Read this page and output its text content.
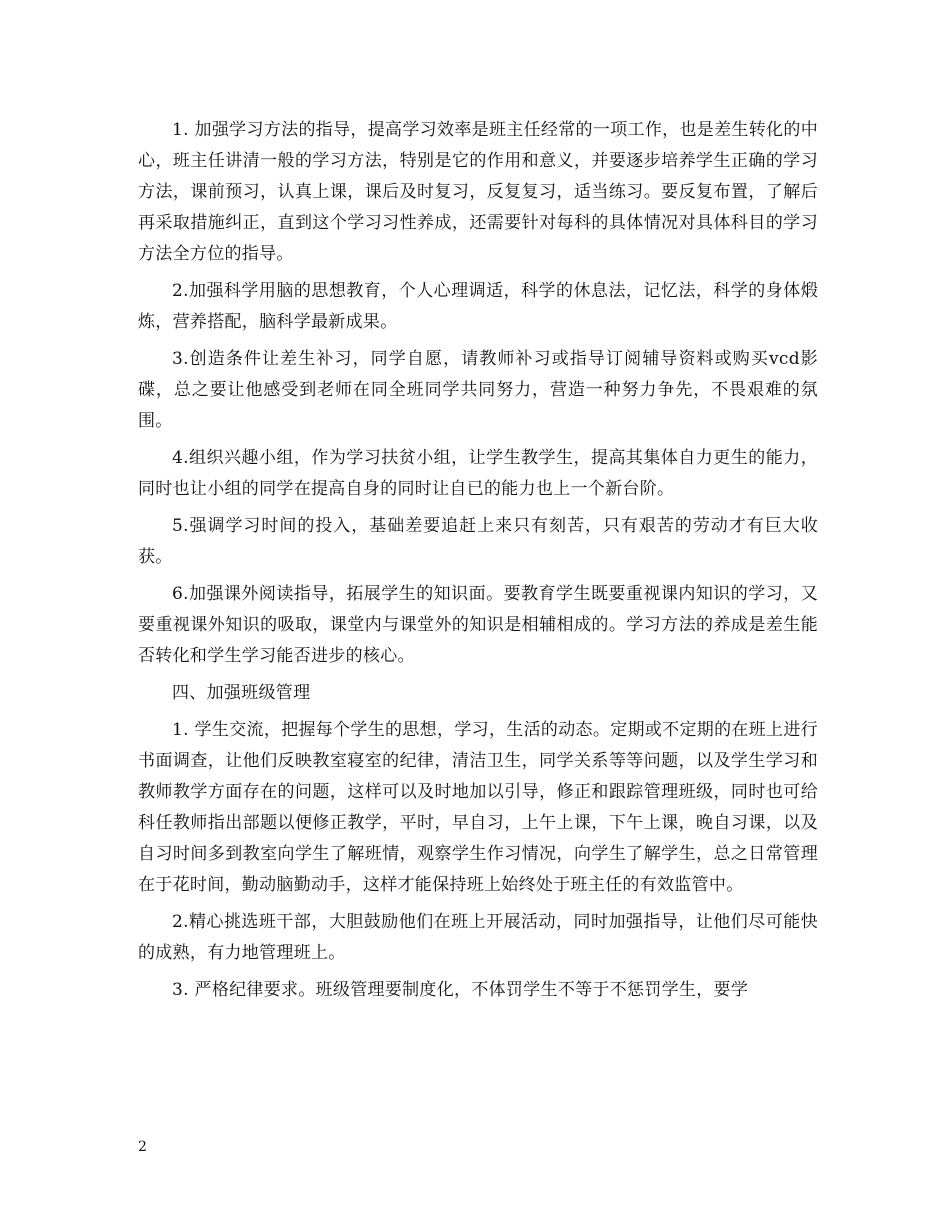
1. 加强学习方法的指导，提高学习效率是班主任经常的一项工作，也是差生转化的中心，班主任讲清一般的学习方法，特别是它的作用和意义，并要逐步培养学生正确的学习方法，课前预习，认真上课，课后及时复习，反复复习，适当练习。要反复布置，了解后再采取措施纠正，直到这个学习习性养成，还需要针对每科的具体情况对具体科目的学习方法全方位的指导。

2.加强科学用脑的思想教育，个人心理调适，科学的休息法，记忆法，科学的身体煅炼，营养搭配，脑科学最新成果。

3.创造条件让差生补习，同学自愿，请教师补习或指导订阅辅导资料或购买vcd影碟，总之要让他感受到老师在同全班同学共同努力，营造一种努力争先，不畏艰难的氛围。

4.组织兴趣小组，作为学习扶贫小组，让学生教学生，提高其集体自力更生的能力，同时也让小组的同学在提高自身的同时让自已的能力也上一个新台阶。

5.强调学习时间的投入，基础差要追赶上来只有刻苦，只有艰苦的劳动才有巨大收获。

6.加强课外阅读指导，拓展学生的知识面。要教育学生既要重视课内知识的学习，又要重视课外知识的吸取，课堂内与课堂外的知识是相辅相成的。学习方法的养成是差生能否转化和学生学习能否进步的核心。

四、加强班级管理

1. 学生交流，把握每个学生的思想，学习，生活的动态。定期或不定期的在班上进行书面调查，让他们反映教室寝室的纪律，清洁卫生，同学关系等等问题，以及学生学习和教师教学方面存在的问题，这样可以及时地加以引导，修正和跟踪管理班级，同时也可给科任教师指出部题以便修正教学，平时，早自习，上午上课，下午上课，晚自习课，以及自习时间多到教室向学生了解班情，观察学生作习情况，向学生了解学生，总之日常管理在于花时间，勤动脑勤动手，这样才能保持班上始终处于班主任的有效监管中。

2.精心挑选班干部，大胆鼓励他们在班上开展活动，同时加强指导，让他们尽可能快的成熟，有力地管理班上。

3. 严格纪律要求。班级管理要制度化，不体罚学生不等于不惩罚学生，要学

2
